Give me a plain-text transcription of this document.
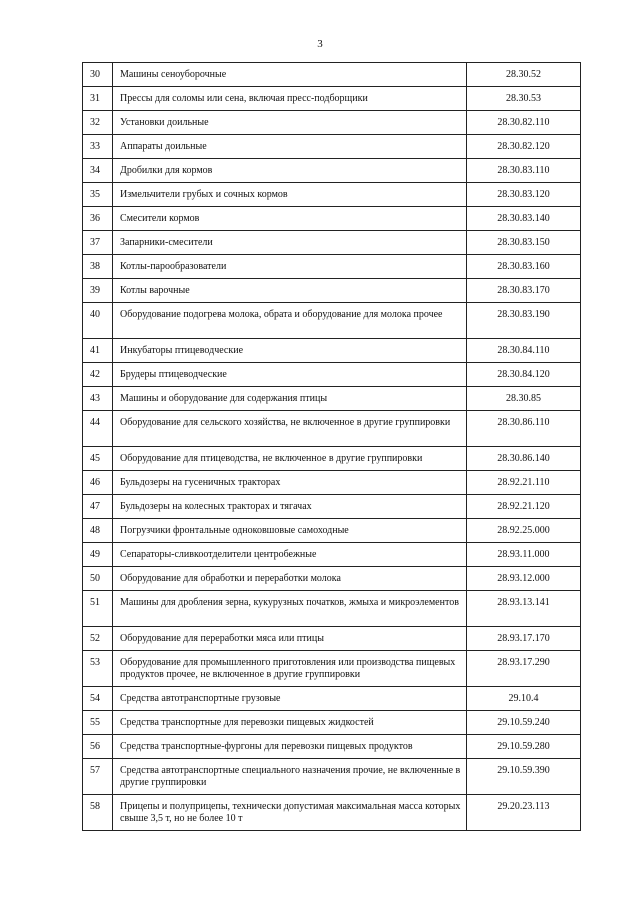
3
30	Машины сеноуборочные	28.30.52
31	Прессы для соломы или сена, включая пресс-подборщики	28.30.53
32	Установки доильные	28.30.82.110
33	Аппараты доильные	28.30.82.120
34	Дробилки для кормов	28.30.83.110
35	Измельчители грубых и сочных кормов	28.30.83.120
36	Смесители кормов	28.30.83.140
37	Запарники-смесители	28.30.83.150
38	Котлы-парообразователи	28.30.83.160
39	Котлы варочные	28.30.83.170
40	Оборудование подогрева молока, обрата и оборудование для молока прочее	28.30.83.190
41	Инкубаторы птицеводческие	28.30.84.110
42	Брудеры птицеводческие	28.30.84.120
43	Машины и оборудование для содержания птицы	28.30.85
44	Оборудование для сельского хозяйства, не включенное в другие группировки	28.30.86.110
45	Оборудование для птицеводства, не включенное в другие группировки	28.30.86.140
46	Бульдозеры на гусеничных тракторах	28.92.21.110
47	Бульдозеры на колесных тракторах и тягачах	28.92.21.120
48	Погрузчики фронтальные одноковшовые самоходные	28.92.25.000
49	Сепараторы-сливкоотделители центробежные	28.93.11.000
50	Оборудование для обработки и переработки молока	28.93.12.000
51	Машины для дробления зерна, кукурузных початков, жмыха и микроэлементов	28.93.13.141
52	Оборудование для переработки мяса или птицы	28.93.17.170
53	Оборудование для промышленного приготовления или производства пищевых продуктов прочее, не включенное в другие группировки	28.93.17.290
54	Средства автотранспортные грузовые	29.10.4
55	Средства транспортные для перевозки пищевых жидкостей	29.10.59.240
56	Средства транспортные-фургоны для перевозки пищевых продуктов	29.10.59.280
57	Средства автотранспортные специального назначения прочие, не включенные в другие группировки	29.10.59.390
58	Прицепы и полуприцепы, технически допустимая максимальная масса которых свыше 3,5 т, но не более 10 т	29.20.23.113
